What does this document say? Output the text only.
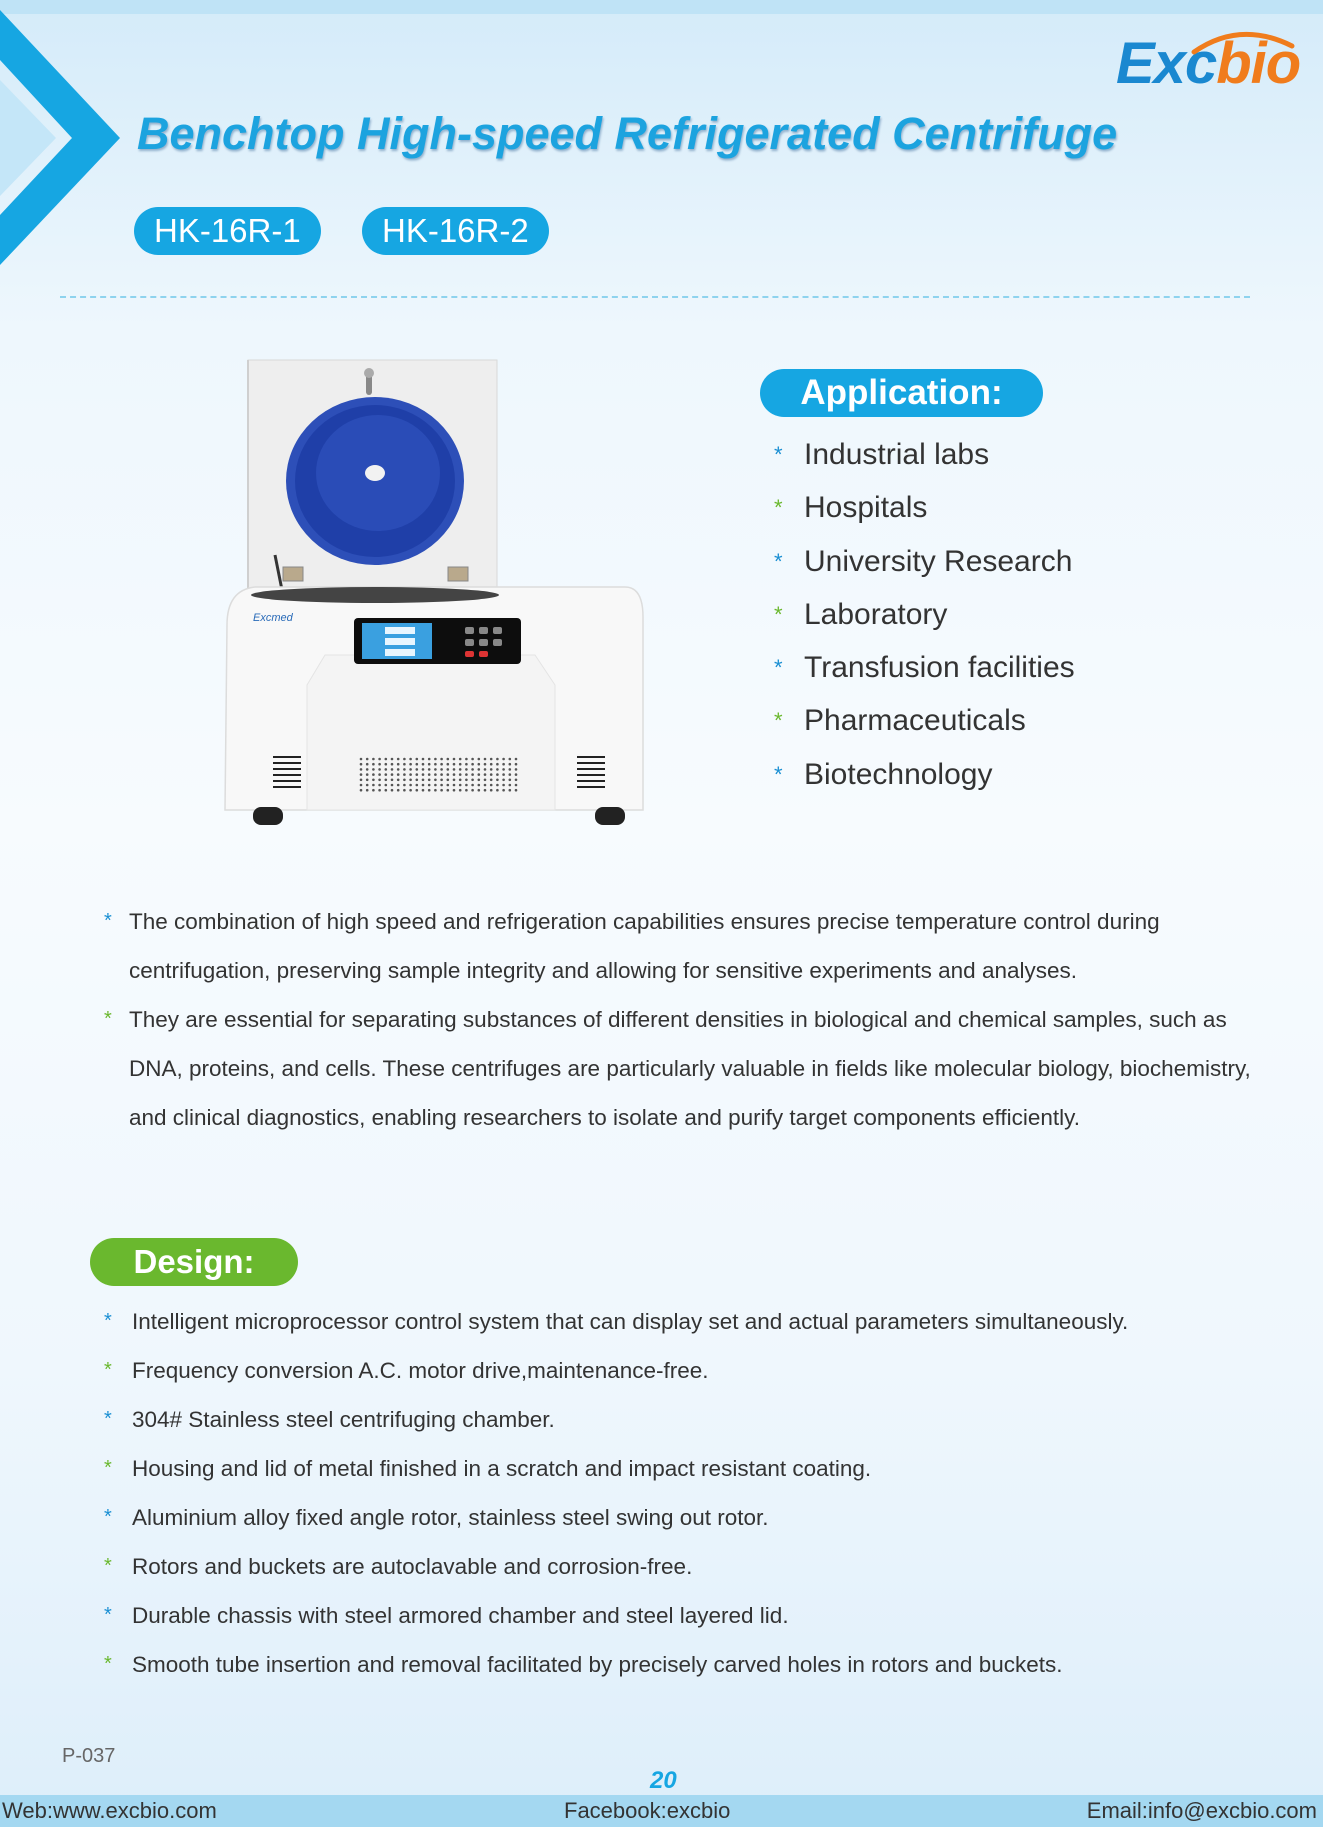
Excbio
Benchtop High-speed Refrigerated Centrifuge
HK-16R-1	HK-16R-2
Excmed
Application:
* Industrial labs
* Hospitals
* University Research
* Laboratory
* Transfusion facilities
* Pharmaceuticals
* Biotechnology
* The combination of high speed and refrigeration capabilities ensures precise temperature control during centrifugation, preserving sample integrity and allowing for sensitive experiments and analyses.
* They are essential for separating substances of different densities in biological and chemical samples, such as DNA, proteins, and cells. These centrifuges are particularly valuable in fields like molecular biology, biochemistry, and clinical diagnostics, enabling researchers to isolate and purify target components efficiently.
Design:
* Intelligent microprocessor control system that can display set and actual parameters simultaneously.
* Frequency conversion A.C. motor drive,maintenance-free.
* 304# Stainless steel centrifuging chamber.
* Housing and lid of metal finished in a scratch and impact resistant coating.
* Aluminium alloy fixed angle rotor, stainless steel swing out rotor.
* Rotors and buckets are autoclavable and corrosion-free.
* Durable chassis with steel armored chamber and steel layered lid.
* Smooth tube insertion and removal facilitated by precisely carved holes in rotors and buckets.
P-037
20
Web:www.excbio.com	Facebook:excbio	Email:info@excbio.com
